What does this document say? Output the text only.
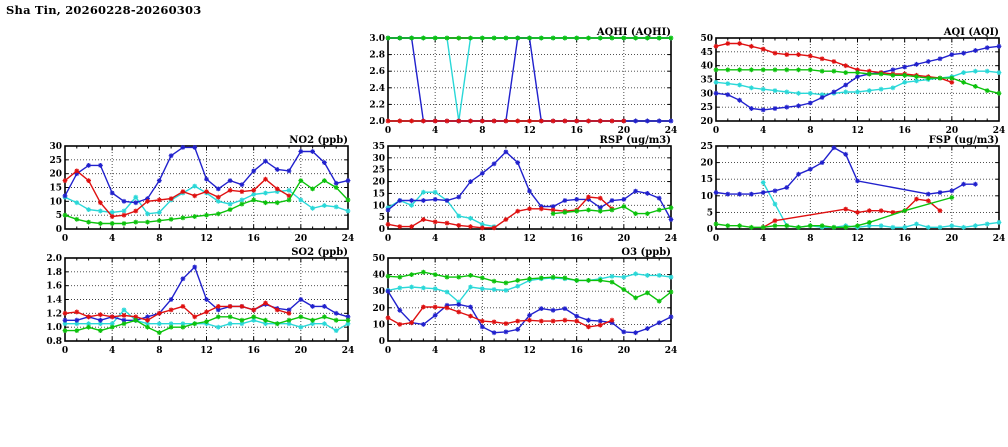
Sha Tin, 20260228-20260303
0	4	8	12	16	20	24
2.0
2.2
2.4
2.6
2.8
3.0
AQHI (AQHI)
0	4	8	12	16	20	24
20
25
30
35
40
45
50
AQI (AQI)
0	4	8	12	16	20	24
0
5
10
15
20
25
30
NO2 (ppb)
0	4	8	12	16	20	24
0
5
10
15
20
25
30
35
RSP (ug/m3)
0	4	8	12	16	20	24
0
5
10
15
20
25
FSP (ug/m3)
0	4	8	12	16	20	24
0.8
1.0
1.2
1.4
1.6
1.8
2.0
SO2 (ppb)
0	4	8	12	16	20	24
0
10
20
30
40
50
O3 (ppb)
